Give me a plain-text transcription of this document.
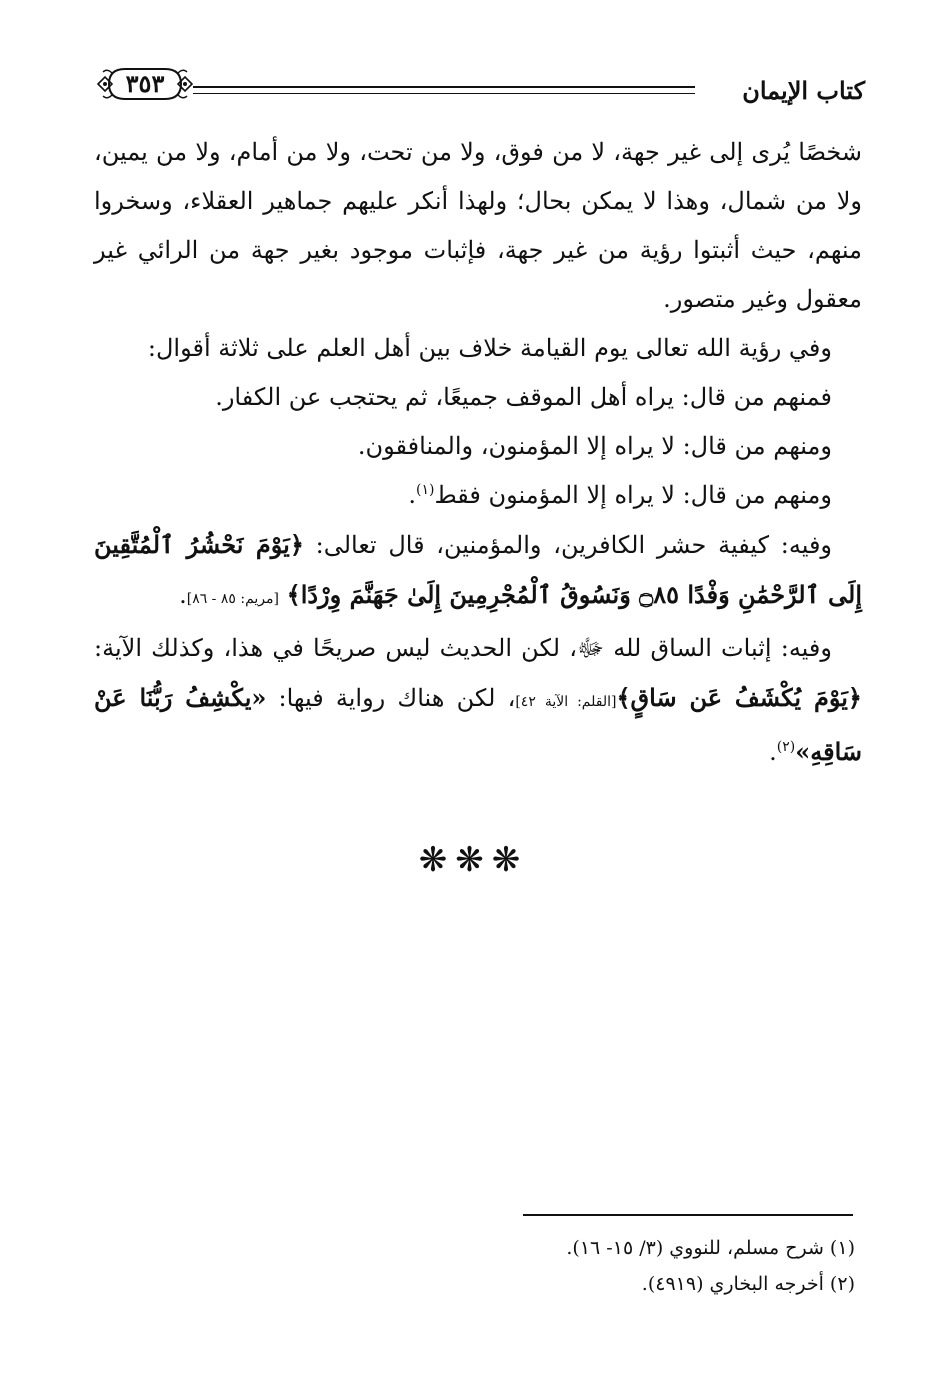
كتاب الإيمان
٣٥٣

شخصًا يُرى إلى غير جهة، لا من فوق، ولا من تحت، ولا من أمام، ولا من يمين، ولا من شمال، وهذا لا يمكن بحال؛ ولهذا أنكر عليهم جماهير العقلاء، وسخروا منهم، حيث أثبتوا رؤية من غير جهة، فإثبات موجود بغير جهة من الرائي غير معقول وغير متصور.

وفي رؤية الله تعالى يوم القيامة خلاف بين أهل العلم على ثلاثة أقوال:

فمنهم من قال: يراه أهل الموقف جميعًا، ثم يحتجب عن الكفار.

ومنهم من قال: لا يراه إلا المؤمنون، والمنافقون.

ومنهم من قال: لا يراه إلا المؤمنون فقط$^{(١)}$.

وفيه: كيفية حشر الكافرين، والمؤمنين، قال تعالى: ﴿يَوْمَ نَحْشُرُ ٱلْمُتَّقِينَ إِلَى ٱلرَّحْمَٰنِ وَفْدًا ۝٨٥ وَنَسُوقُ ٱلْمُجْرِمِينَ إِلَىٰ جَهَنَّمَ وِرْدًا﴾ [مريم: ٨٥ - ٨٦].

وفيه: إثبات الساق لله ﷻ، لكن الحديث ليس صريحًا في هذا، وكذلك الآية: ﴿يَوْمَ يُكْشَفُ عَن سَاقٍ﴾[القلم: الآية ٤٢]، لكن هناك رواية فيها: «يكْشِفُ رَبُّنَا عَنْ سَاقِهِ»$^{(٢)}$.

❋❋❋

(١) شرح مسلم، للنووي (٣/ ١٥- ١٦).

(٢) أخرجه البخاري (٤٩١٩).
